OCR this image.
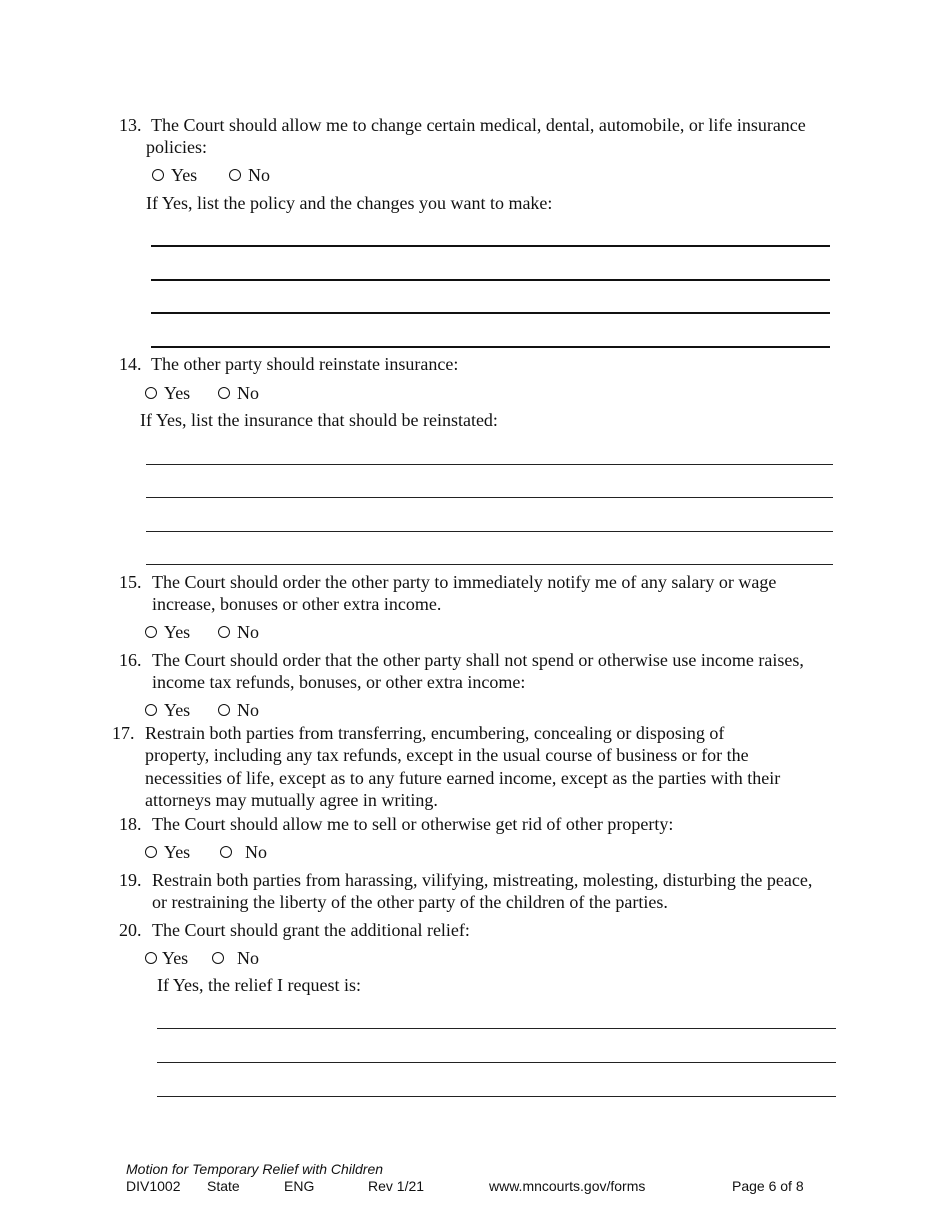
13. The Court should allow me to change certain medical, dental, automobile, or life insurance
policies:
Yes	No
If Yes, list the policy and the changes you want to make:
14. The other party should reinstate insurance:
Yes	No
If Yes, list the insurance that should be reinstated:
15. The Court should order the other party to immediately notify me of any salary or wage
increase, bonuses or other extra income.
Yes	No
16. The Court should order that the other party shall not spend or otherwise use income raises,
income tax refunds, bonuses, or other extra income:
Yes	No
17. Restrain both parties from transferring, encumbering, concealing or disposing of
property, including any tax refunds, except in the usual course of business or for the
necessities of life, except as to any future earned income, except as the parties with their
attorneys may mutually agree in writing.
18. The Court should allow me to sell or otherwise get rid of other property:
Yes	No
19. Restrain both parties from harassing, vilifying, mistreating, molesting, disturbing the peace,
or restraining the liberty of the other party of the children of the parties.
20. The Court should grant the additional relief:
Yes	No
If Yes, the relief I request is:
Motion for Temporary Relief with Children
DIV1002 State	ENG	Rev 1/21	www.mncourts.gov/forms	Page 6 of 8
